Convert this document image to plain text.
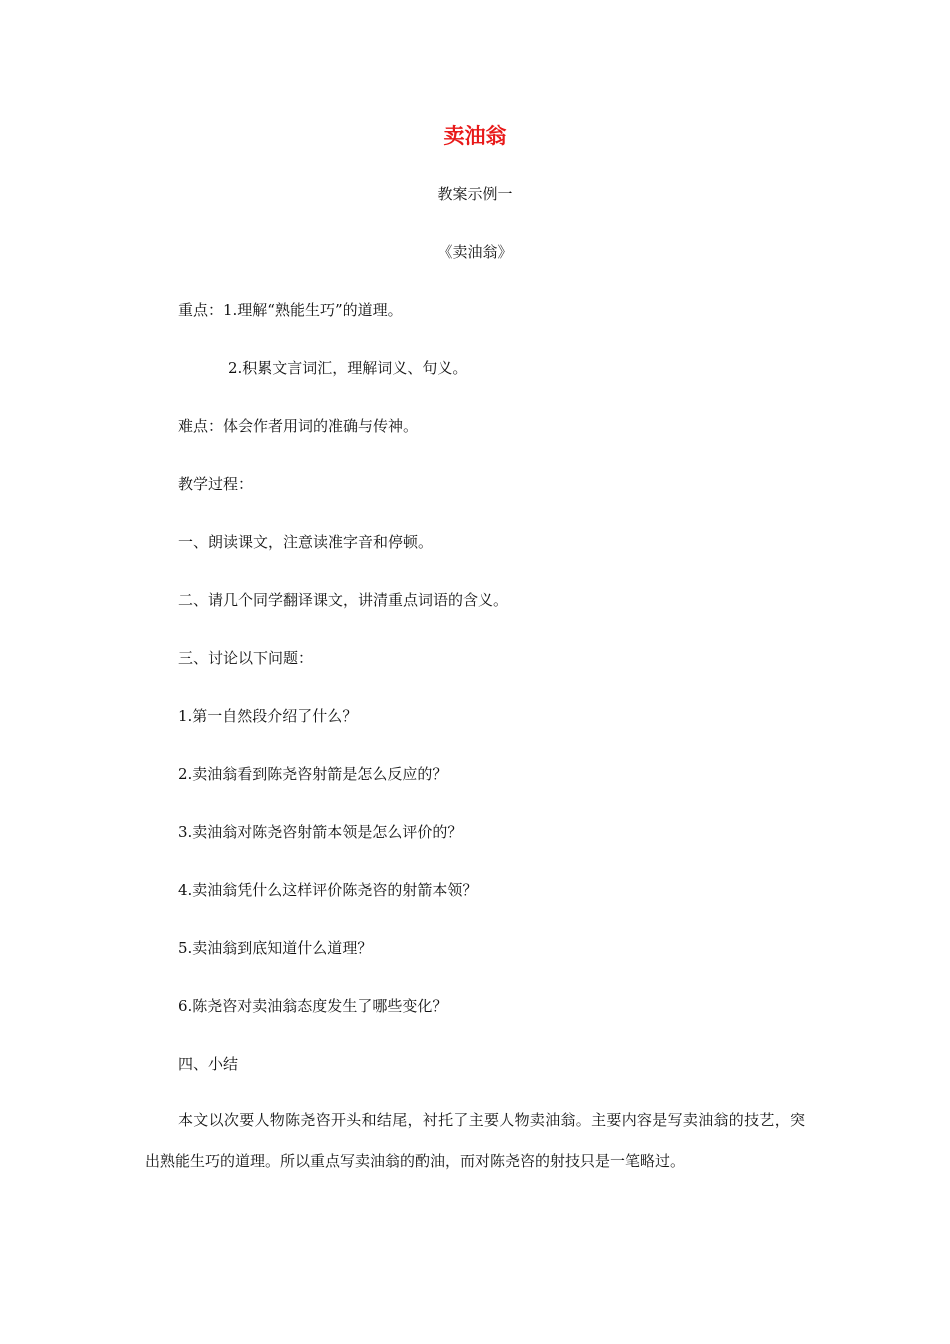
卖油翁
教案示例一
《卖油翁》
重点：1.理解“熟能生巧”的道理。
2.积累文言词汇，理解词义、句义。
难点：体会作者用词的准确与传神。
教学过程：
一、朗读课文，注意读准字音和停顿。
二、请几个同学翻译课文，讲清重点词语的含义。
三、讨论以下问题：
1.第一自然段介绍了什么？
2.卖油翁看到陈尧咨射箭是怎么反应的？
3.卖油翁对陈尧咨射箭本领是怎么评价的？
4.卖油翁凭什么这样评价陈尧咨的射箭本领？
5.卖油翁到底知道什么道理？
6.陈尧咨对卖油翁态度发生了哪些变化？
四、小结
本文以次要人物陈尧咨开头和结尾，衬托了主要人物卖油翁。主要内容是写卖油翁的技艺，突出熟能生巧的道理。所以重点写卖油翁的酌油，而对陈尧咨的射技只是一笔略过。
